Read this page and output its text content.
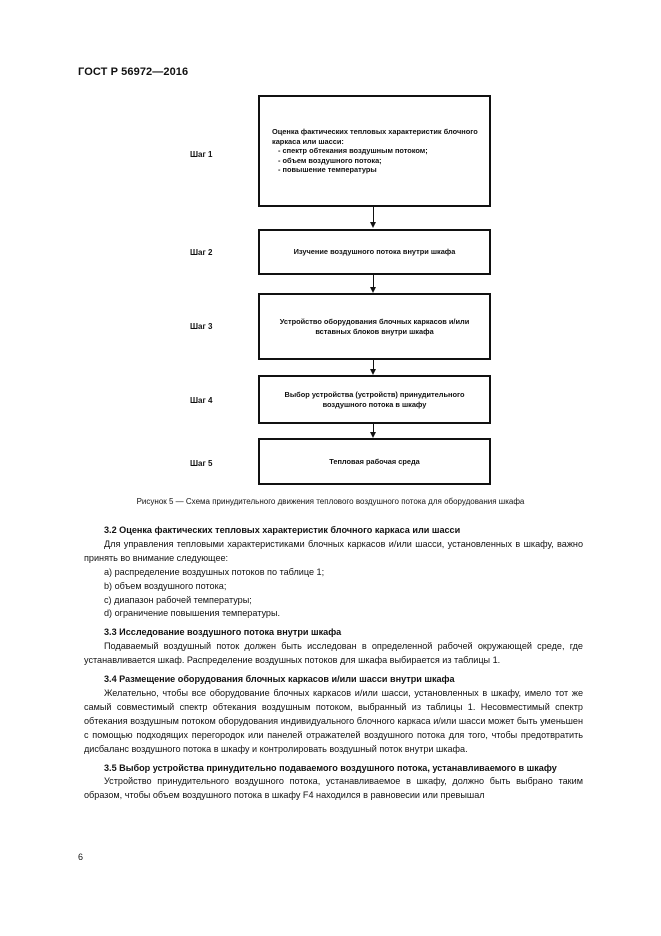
ГОСТ Р 56972—2016
Шаг 1
Оценка фактических тепловых характеристик блочного каркаса или шасси:
- спектр обтекания воздушным потоком;
- объем воздушного потока;
- повышение температуры
Шаг 2	Изучение воздушного потока внутри шкафа
Шаг 3
Устройство оборудования блочных каркасов и/или вставных блоков внутри шкафа
Шаг 4
Выбор устройства (устройств) принудительного воздушного потока в шкафу
Шаг 5	Тепловая рабочая среда
Рисунок 5 — Схема принудительного движения теплового воздушного потока для оборудования шкафа

3.2 Оценка фактических тепловых характеристик блочного каркаса или шасси

Для управления тепловыми характеристиками блочных каркасов и/или шасси, установленных в шкафу, важно принять во внимание следующее:

a) распределение воздушных потоков по таблице 1;

b) объем воздушного потока;

c) диапазон рабочей температуры;

d) ограничение повышения температуры.

3.3 Исследование воздушного потока внутри шкафа

Подаваемый воздушный поток должен быть исследован в определенной рабочей окружающей среде, где устанавливается шкаф. Распределение воздушных потоков для шкафа выбирается из таблицы 1.

3.4 Размещение оборудования блочных каркасов и/или шасси внутри шкафа

Желательно, чтобы все оборудование блочных каркасов и/или шасси, установленных в шкафу, имело тот же самый совместимый спектр обтекания воздушным потоком, выбранный из таблицы 1. Несовместимый спектр обтекания воздушным потоком оборудования индивидуального блочного каркаса и/или шасси может быть уменьшен с помощью подходящих перегородок или панелей отражателей воздушного потока для того, чтобы предотвратить дисбаланс воздушного потока в шкафу и контролировать воздушный поток внутри шкафа.

3.5 Выбор устройства принудительно подаваемого воздушного потока, устанавливаемого в шкафу

Устройство принудительного воздушного потока, устанавливаемое в шкафу, должно быть выбрано таким образом, чтобы объем воздушного потока в шкафу F4 находился в равновесии или превышал

6
